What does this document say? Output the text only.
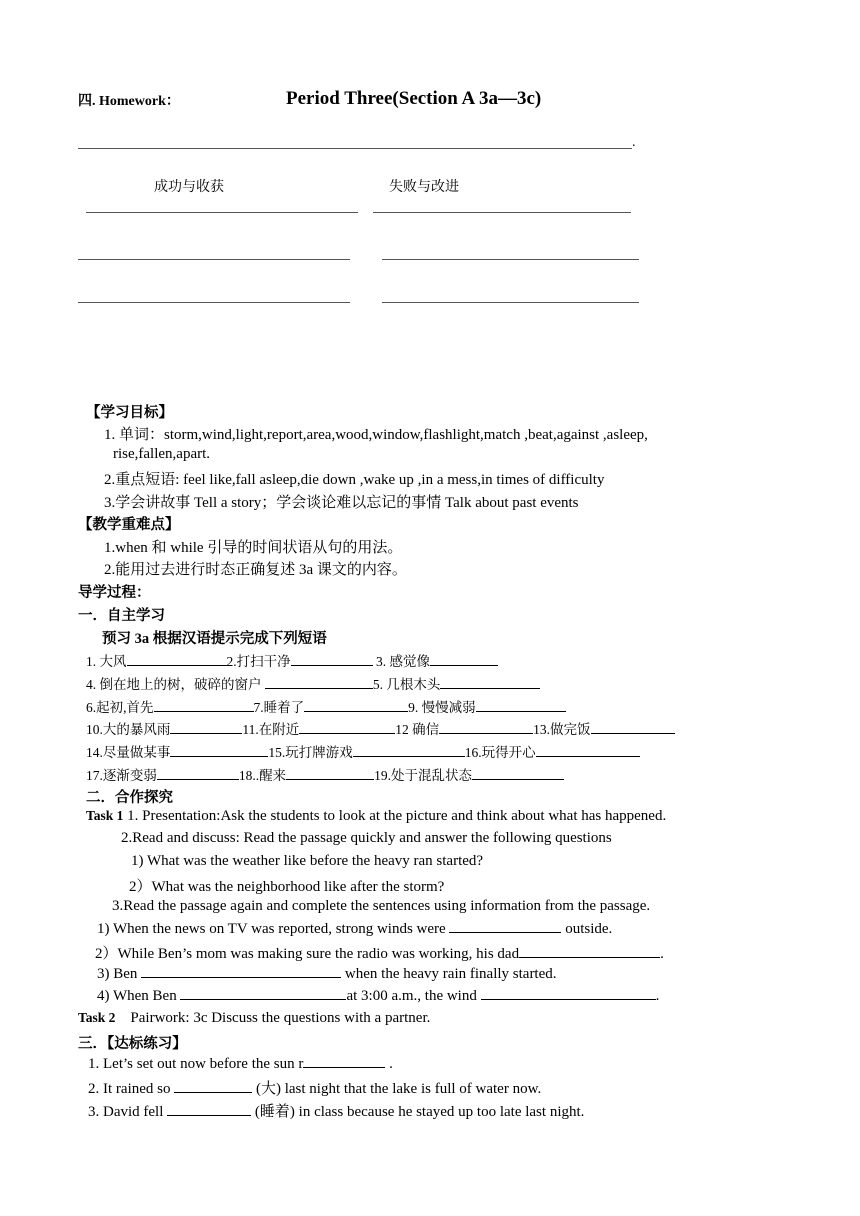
四. Homework：	Period Three(Section A 3a—3c)
.
成功与收获	失败与改进
【学习目标】
1. 单词：storm,wind,light,report,area,wood,window,flashlight,match ,beat,against ,asleep,
rise,fallen,apart.
2.重点短语: feel like,fall asleep,die down ,wake up ,in a mess,in times of difficulty
3.学会讲故事 Tell a story；学会谈论难以忘记的事情 Talk about past events
【教学重难点】
1.when 和 while 引导的时间状语从句的用法。
2.能用过去进行时态正确复述 3a 课文的内容。
导学过程：
一．自主学习
预习 3a 根据汉语提示完成下列短语
1. 大风	2.打扫干净	3. 感觉像
4. 倒在地上的树，破碎的窗户	5. 几根木头
6.起初,首先	7.睡着了	9. 慢慢减弱
10.大的暴风雨	11.在附近	12 确信	13.做完饭
14.尽量做某事	15.玩打牌游戏	16.玩得开心
17.逐渐变弱	18..醒来	19.处于混乱状态
二．合作探究
Task 1 1. Presentation:Ask the students to look at the picture and think about what has happened.
2.Read and discuss: Read the passage quickly and answer the following questions
1) What was the weather like before the heavy ran started?
2）What was the neighborhood like after the storm?
3.Read the passage again and complete the sentences using information from the passage.
1) When the news on TV was reported, strong winds were	outside.
2）While Ben’s mom was making sure the radio was working, his dad	.
3) Ben	when the heavy rain finally started.
4) When Ben	at 3:00 a.m., the wind	.
Task 2 Pairwork: 3c Discuss the questions with a partner.
三．【达标练习】
1. Let’s set out now before the sun r	.
2. It rained so	(大) last night that the lake is full of water now.
3. David fell	(睡着) in class because he stayed up too late last night.
